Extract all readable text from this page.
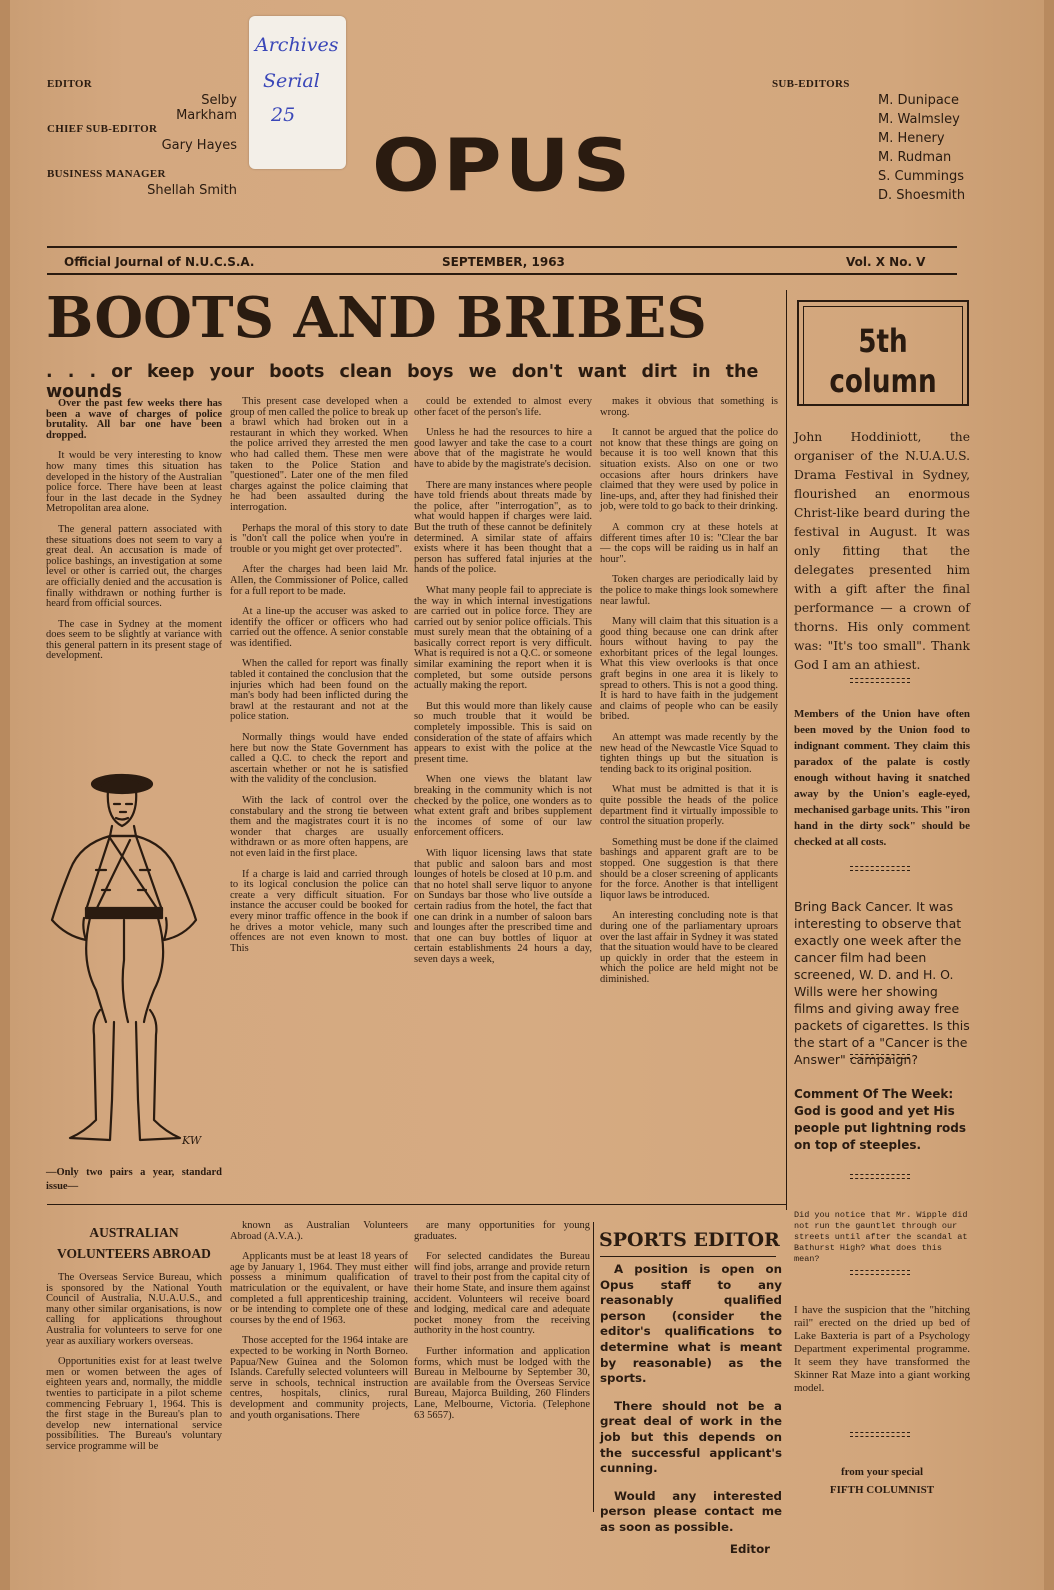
EDITOR
Selby Markham
CHIEF SUB-EDITOR
Gary Hayes
BUSINESS MANAGER
Shellah Smith
Archives
Serial
25
OPUS
SUB-EDITORS
M. Dunipace
M. Walmsley
M. Henery
M. Rudman
S. Cummings
D. Shoesmith
Official Journal of N.U.C.S.A.	SEPTEMBER, 1963	Vol. X No. V
BOOTS AND BRIBES
. . . or keep your boots clean boys we don't want dirt in the wounds

Over the past few weeks there has been a wave of charges of police brutality. All bar one have been dropped.

It would be very interesting to know how many times this situation has developed in the history of the Australian police force. There have been at least four in the last decade in the Sydney Metropolitan area alone.

The general pattern associated with these situations does not seem to vary a great deal. An accusation is made of police bashings, an investigation at some level or other is carried out, the charges are officially denied and the accusation is finally withdrawn or nothing further is heard from official sources.

The case in Sydney at the moment does seem to be slightly at variance with this general pattern in its present stage of development.

KW
—Only two pairs a year, standard issue—

This present case developed when a group of men called the police to break up a brawl which had broken out in a restaurant in which they worked. When the police arrived they arrested the men who had called them. These men were taken to the Police Station and "questioned". Later one of the men filed charges against the police claiming that he had been assaulted during the interrogation.

Perhaps the moral of this story to date is "don't call the police when you're in trouble or you might get over protected".

After the charges had been laid Mr. Allen, the Commissioner of Police, called for a full report to be made.

At a line-up the accuser was asked to identify the officer or officers who had carried out the offence. A senior constable was identified.

When the called for report was finally tabled it contained the conclusion that the injuries which had been found on the man's body had been inflicted during the brawl at the restaurant and not at the police station.

Normally things would have ended here but now the State Government has called a Q.C. to check the report and ascertain whether or not he is satisfied with the validity of the conclusion.

With the lack of control over the constabulary and the strong tie between them and the magistrates court it is no wonder that charges are usually withdrawn or as more often happens, are not even laid in the first place.

If a charge is laid and carried through to its logical conclusion the police can create a very difficult situation. For instance the accuser could be booked for every minor traffic offence in the book if he drives a motor vehicle, many such offences are not even known to most. This

could be extended to almost every other facet of the person's life.

Unless he had the resources to hire a good lawyer and take the case to a court above that of the magistrate he would have to abide by the magistrate's decision.

There are many instances where people have told friends about threats made by the police, after "interrogation", as to what would happen if charges were laid. But the truth of these cannot be definitely determined. A similar state of affairs exists where it has been thought that a person has suffered fatal injuries at the hands of the police.

What many people fail to appreciate is the way in which internal investigations are carried out in police force. They are carried out by senior police officials. This must surely mean that the obtaining of a basically correct report is very difficult. What is required is not a Q.C. or someone similar examining the report when it is completed, but some outside persons actually making the report.

But this would more than likely cause so much trouble that it would be completely impossible. This is said on consideration of the state of affairs which appears to exist with the police at the present time.

When one views the blatant law breaking in the community which is not checked by the police, one wonders as to what extent graft and bribes supplement the incomes of some of our law enforcement officers.

With liquor licensing laws that state that public and saloon bars and most lounges of hotels be closed at 10 p.m. and that no hotel shall serve liquor to anyone on Sundays bar those who live outside a certain radius from the hotel, the fact that one can drink in a number of saloon bars and lounges after the prescribed time and that one can buy bottles of liquor at certain establishments 24 hours a day, seven days a week,

makes it obvious that something is wrong.

It cannot be argued that the police do not know that these things are going on because it is too well known that this situation exists. Also on one or two occasions after hours drinkers have claimed that they were used by police in line-ups, and, after they had finished their job, were told to go back to their drinking.

A common cry at these hotels at different times after 10 is: "Clear the bar — the cops will be raiding us in half an hour".

Token charges are periodically laid by the police to make things look somewhere near lawful.

Many will claim that this situation is a good thing because one can drink after hours without having to pay the exhorbitant prices of the legal lounges. What this view overlooks is that once graft begins in one area it is likely to spread to others. This is not a good thing. It is hard to have faith in the judgement and claims of people who can be easily bribed.

An attempt was made recently by the new head of the Newcastle Vice Squad to tighten things up but the situation is tending back to its original position.

What must be admitted is that it is quite possible the heads of the police department find it virtually impossible to control the situation properly.

Something must be done if the claimed bashings and apparent graft are to be stopped. One suggestion is that there should be a closer screening of applicants for the force. Another is that intelligent liquor laws be introduced.

An interesting concluding note is that during one of the parliamentary uproars over the last affair in Sydney it was stated that the situation would have to be cleared up quickly in order that the esteem in which the police are held might not be diminished.

5th
column
John Hoddiniott, the organiser of the N.U.A.U.S. Drama Festival in Sydney, flourished an enormous Christ-like beard during the festival in August. It was only fitting that the delegates presented him with a gift after the final performance — a crown of thorns. His only comment was: "It's too small". Thank God I am an athiest.
Members of the Union have often been moved by the Union food to indignant comment. They claim this paradox of the palate is costly enough without having it snatched away by the Union's eagle-eyed, mechanised garbage units. This "iron hand in the dirty sock" should be checked at all costs.
Bring Back Cancer. It was interesting to observe that exactly one week after the cancer film had been screened, W. D. and H. O. Wills were her showing films and giving away free packets of cigarettes. Is this the start of a "Cancer is the Answer" campaign?
Comment Of The Week: God is good and yet His people put lightning rods on top of steeples.
Did you notice that Mr. Wipple did not run the gauntlet through our streets until after the scandal at Bathurst High? What does this mean?
I have the suspicion that the "hitching rail" erected on the dried up bed of Lake Baxteria is part of a Psychology Department experimental programme. It seem they have transformed the Skinner Rat Maze into a giant working model.
from your special
FIFTH COLUMNIST
AUSTRALIAN
VOLUNTEERS ABROAD

The Overseas Service Bureau, which is sponsored by the National Youth Council of Australia, N.U.A.U.S., and many other similar organisations, is now calling for applications throughout Australia for volunteers to serve for one year as auxiliary workers overseas.

Opportunities exist for at least twelve men or women between the ages of eighteen years and, normally, the middle twenties to participate in a pilot scheme commencing February 1, 1964. This is the first stage in the Bureau's plan to develop new international service possibilities. The Bureau's voluntary service programme will be

known as Australian Volunteers Abroad (A.V.A.).

Applicants must be at least 18 years of age by January 1, 1964. They must either possess a minimum qualification of matriculation or the equivalent, or have completed a full apprenticeship training, or be intending to complete one of these courses by the end of 1963.

Those accepted for the 1964 intake are expected to be working in North Borneo. Papua/New Guinea and the Solomon Islands. Carefully selected volunteers will serve in schools, technical instruction centres, hospitals, clinics, rural development and community projects, and youth organisations. There

are many opportunities for young graduates.

For selected candidates the Bureau will find jobs, arrange and provide return travel to their post from the capital city of their home State, and insure them against accident. Volunteers wil receive board and lodging, medical care and adequate pocket money from the receiving authority in the host country.

Further information and application forms, which must be lodged with the Bureau in Melbourne by September 30, are available from the Overseas Service Bureau, Majorca Building, 260 Flinders Lane, Melbourne, Victoria. (Telephone 63 5657).

SPORTS EDITOR
A position is open on Opus staff to any reasonably qualified person (consider the editor's qualifications to determine what is meant by reasonable) as the sports.
There should not be a great deal of work in the job but this depends on the successful applicant's cunning.
Would any interested person please contact me as soon as possible.
Editor
